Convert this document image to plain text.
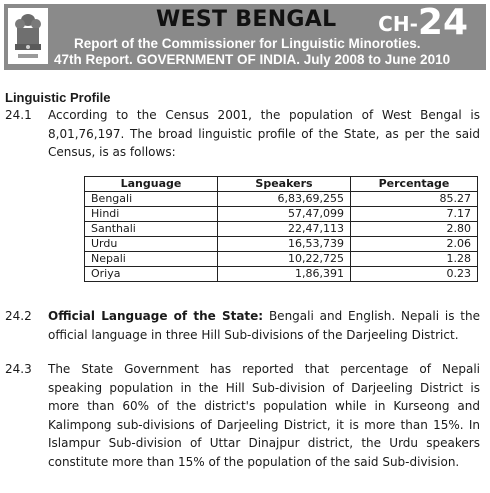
WEST BENGAL CH-24
Report of the Commissioner for Linguistic Minoroties.
47th Report. GOVERNMENT OF INDIA. July 2008 to June 2010
Linguistic Profile
24.1 According to the Census 2001, the population of West Bengal is 8,01,76,197. The broad linguistic profile of the State, as per the said Census, is as follows:
Language	Speakers	Percentage
Bengali	6,83,69,255	85.27
Hindi	57,47,099	7.17
Santhali	22,47,113	2.80
Urdu	16,53,739	2.06
Nepali	10,22,725	1.28
Oriya	1,86,391	0.23
24.2 Official Language of the State: Bengali and English. Nepali is the official language in three Hill Sub-divisions of the Darjeeling District.
24.3 The State Government has reported that percentage of Nepali speaking population in the Hill Sub-division of Darjeeling District is more than 60% of the district's population while in Kurseong and Kalimpong sub-divisions of Darjeeling District, it is more than 15%. In Islampur Sub-division of Uttar Dinajpur district, the Urdu speakers constitute more than 15% of the population of the said Sub-division.
